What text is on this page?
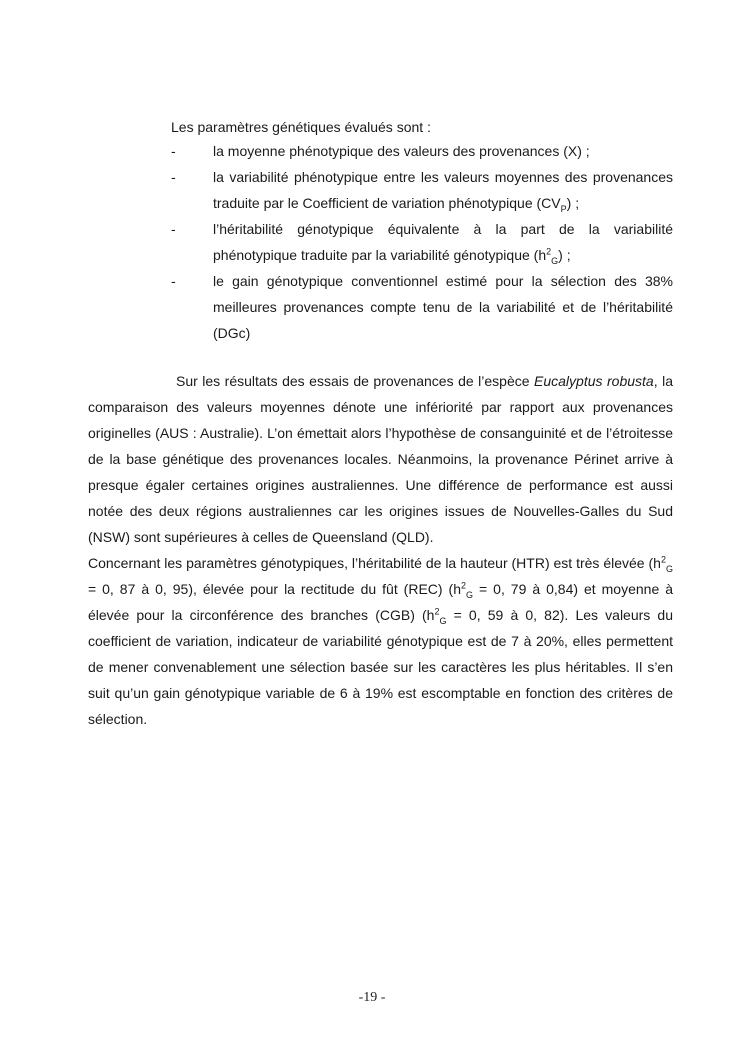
Les paramètres génétiques évalués sont :

-	la moyenne phénotypique des valeurs des provenances (X) ;
-	la variabilité phénotypique entre les valeurs moyennes des provenances traduite par le Coefficient de variation phénotypique $(CV_P)$ ;
-	l’héritabilité génotypique équivalente à la part de la variabilité phénotypique traduite par la variabilité génotypique $(h^2_G)$ ;
-	le gain génotypique conventionnel estimé pour la sélection des 38% meilleures provenances compte tenu de la variabilité et de l’héritabilité (DGc)

Sur les résultats des essais de provenances de l’espèce Eucalyptus robusta, la comparaison des valeurs moyennes dénote une infériorité par rapport aux provenances originelles (AUS : Australie). L’on émettait alors l’hypothèse de consanguinité et de l’étroitesse de la base génétique des provenances locales. Néanmoins, la provenance Périnet arrive à presque égaler certaines origines australiennes. Une différence de performance est aussi notée des deux régions australiennes car les origines issues de Nouvelles-Galles du Sud (NSW) sont supérieures à celles de Queensland (QLD).

Concernant les paramètres génotypiques, l’héritabilité de la hauteur (HTR) est très élevée ($h^2_G = 0$, 87 à 0, 95), élevée pour la rectitude du fût (REC) ($h^2_G = 0$, 79 à 0,84) et moyenne à élevée pour la circonférence des branches (CGB) ($h^2_G = 0$, 59 à 0, 82). Les valeurs du coefficient de variation, indicateur de variabilité génotypique est de 7 à 20%, elles permettent de mener convenablement une sélection basée sur les caractères les plus héritables. Il s’en suit qu’un gain génotypique variable de 6 à 19% est escomptable en fonction des critères de sélection.

-19 -
